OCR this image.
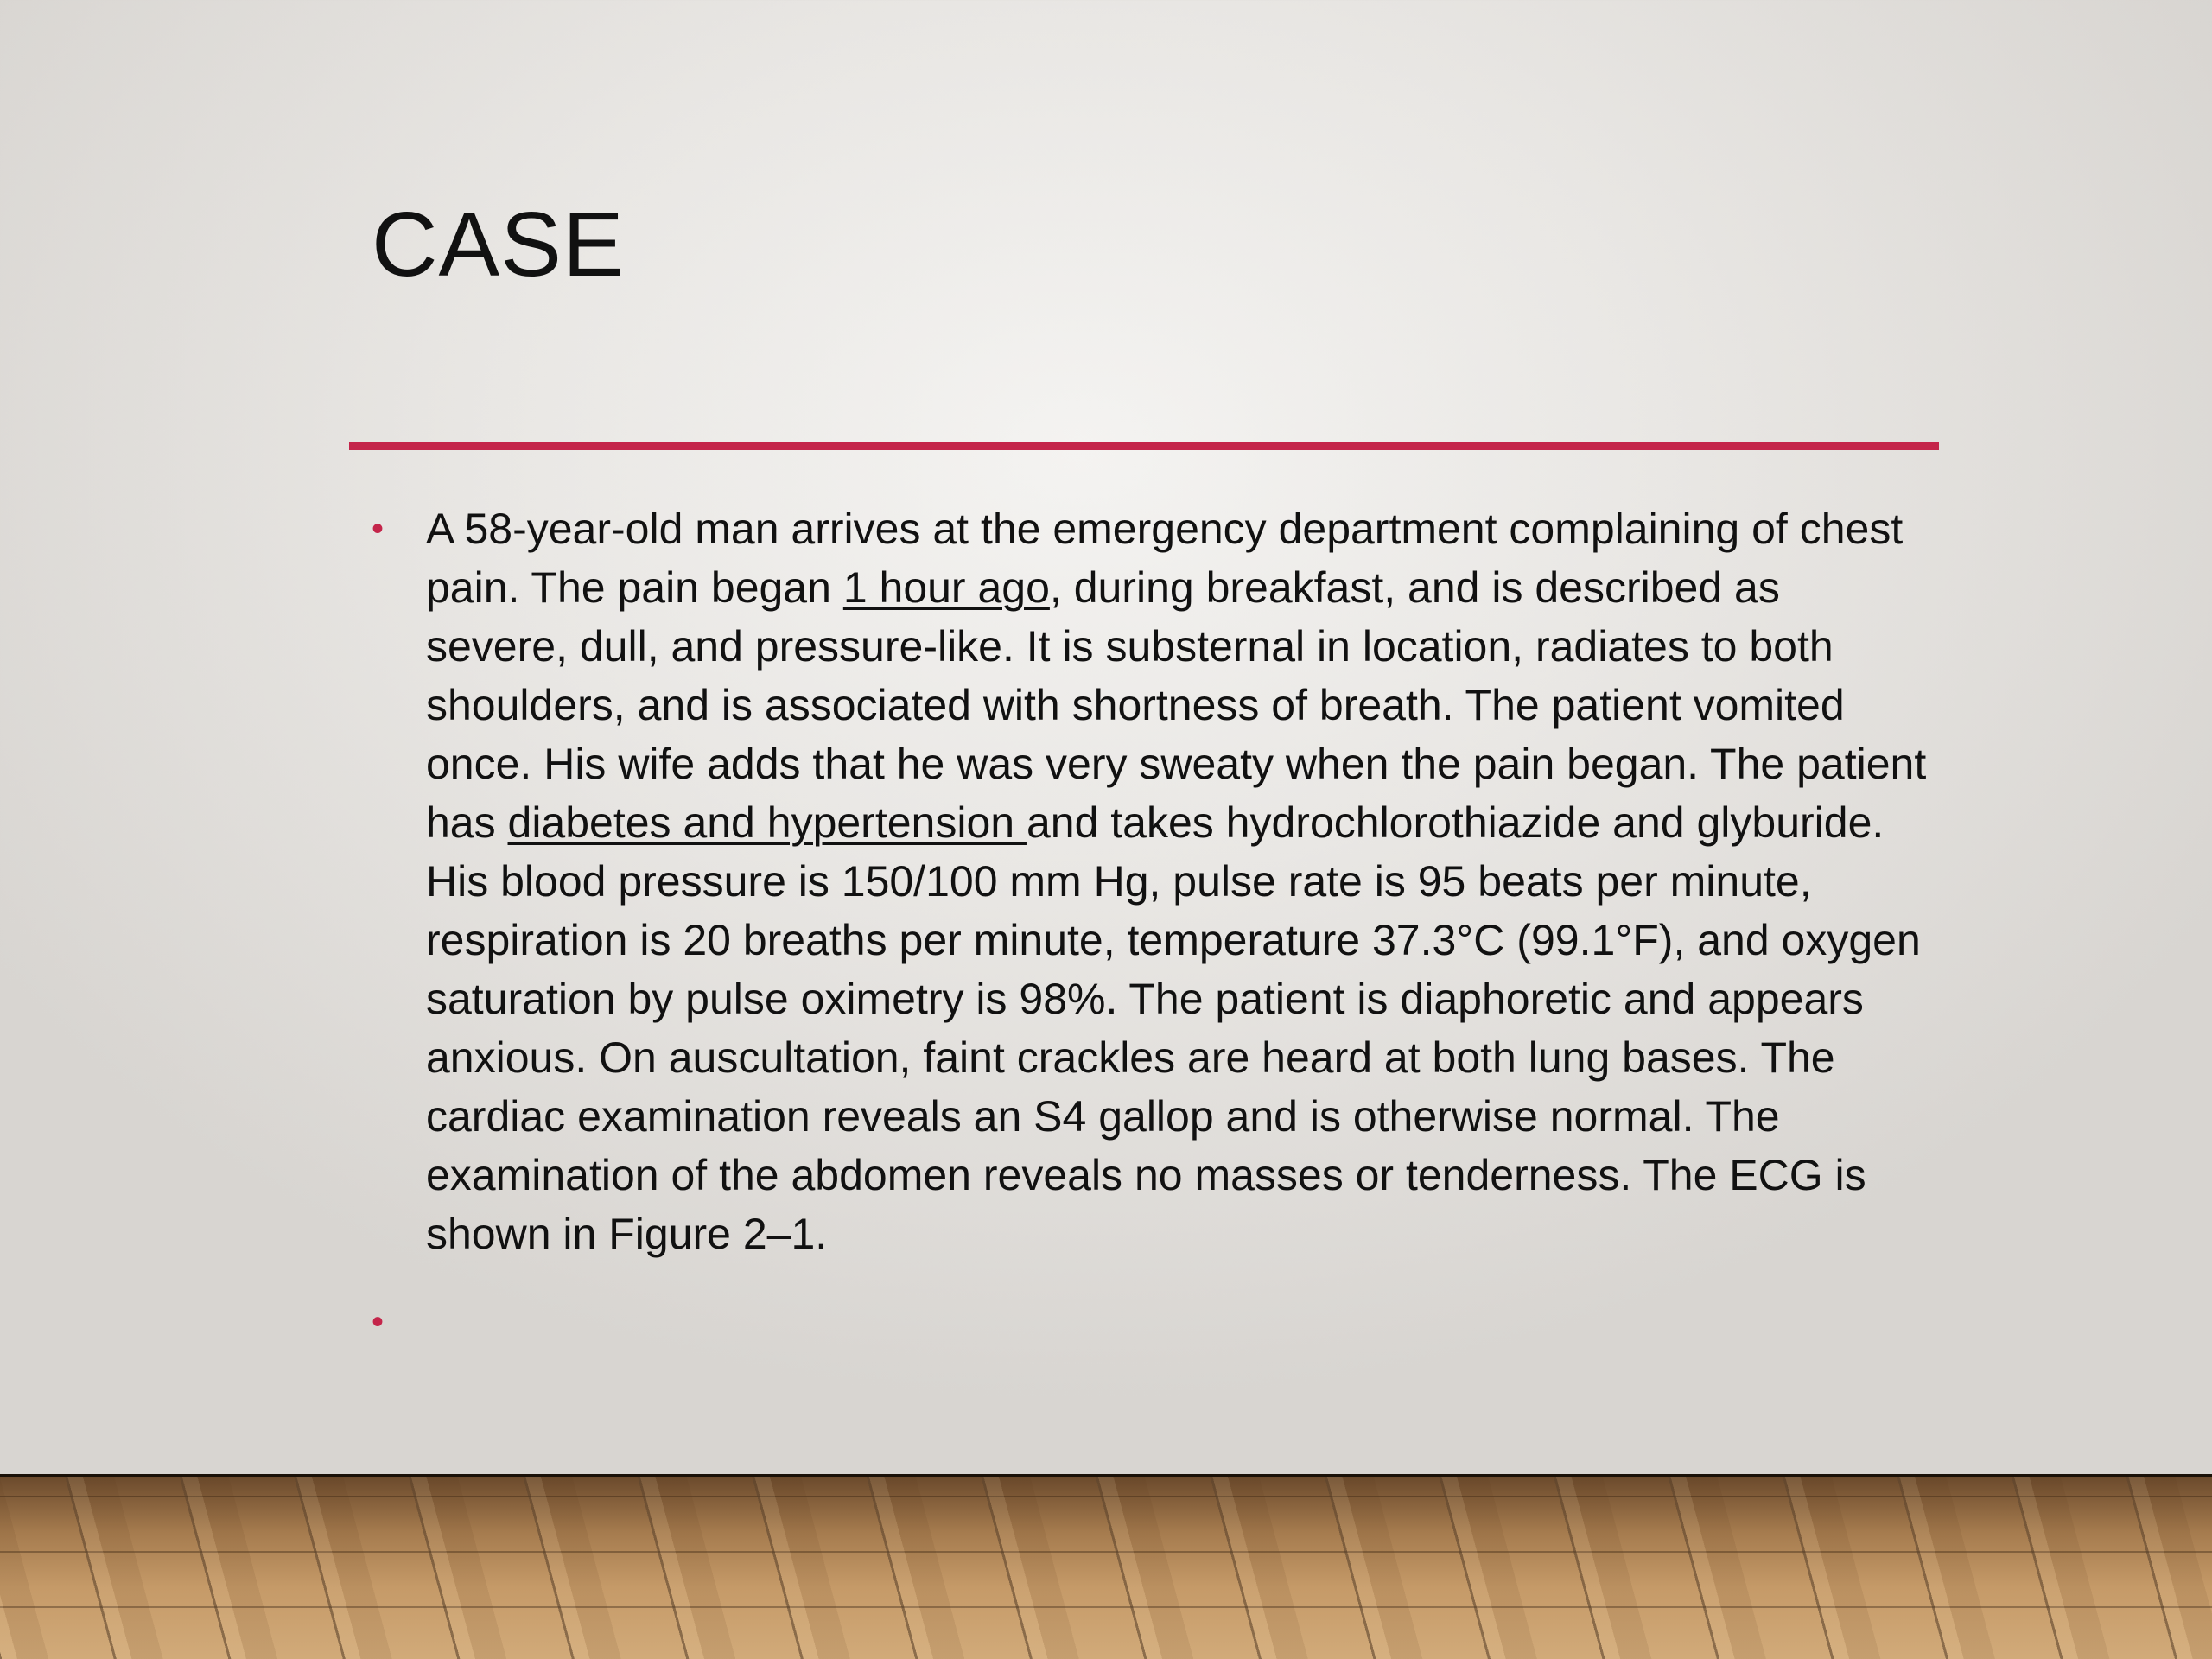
CASE
• A 58-year-old man arrives at the emergency department complaining of chest pain. The pain began 1 hour ago, during breakfast, and is described as severe, dull, and pressure-like. It is substernal in location, radiates to both shoulders, and is associated with shortness of breath. The patient vomited once. His wife adds that he was very sweaty when the pain began. The patient has diabetes and hypertension and takes hydrochlorothiazide and glyburide. His blood pressure is 150/100 mm Hg, pulse rate is 95 beats per minute, respiration is 20 breaths per minute, temperature 37.3°C (99.1°F), and oxygen saturation by pulse oximetry is 98%. The patient is diaphoretic and appears anxious. On auscultation, faint crackles are heard at both lung bases. The cardiac examination reveals an S4 gallop and is otherwise normal. The examination of the abdomen reveals no masses or tenderness. The ECG is shown in Figure 2–1.
•
